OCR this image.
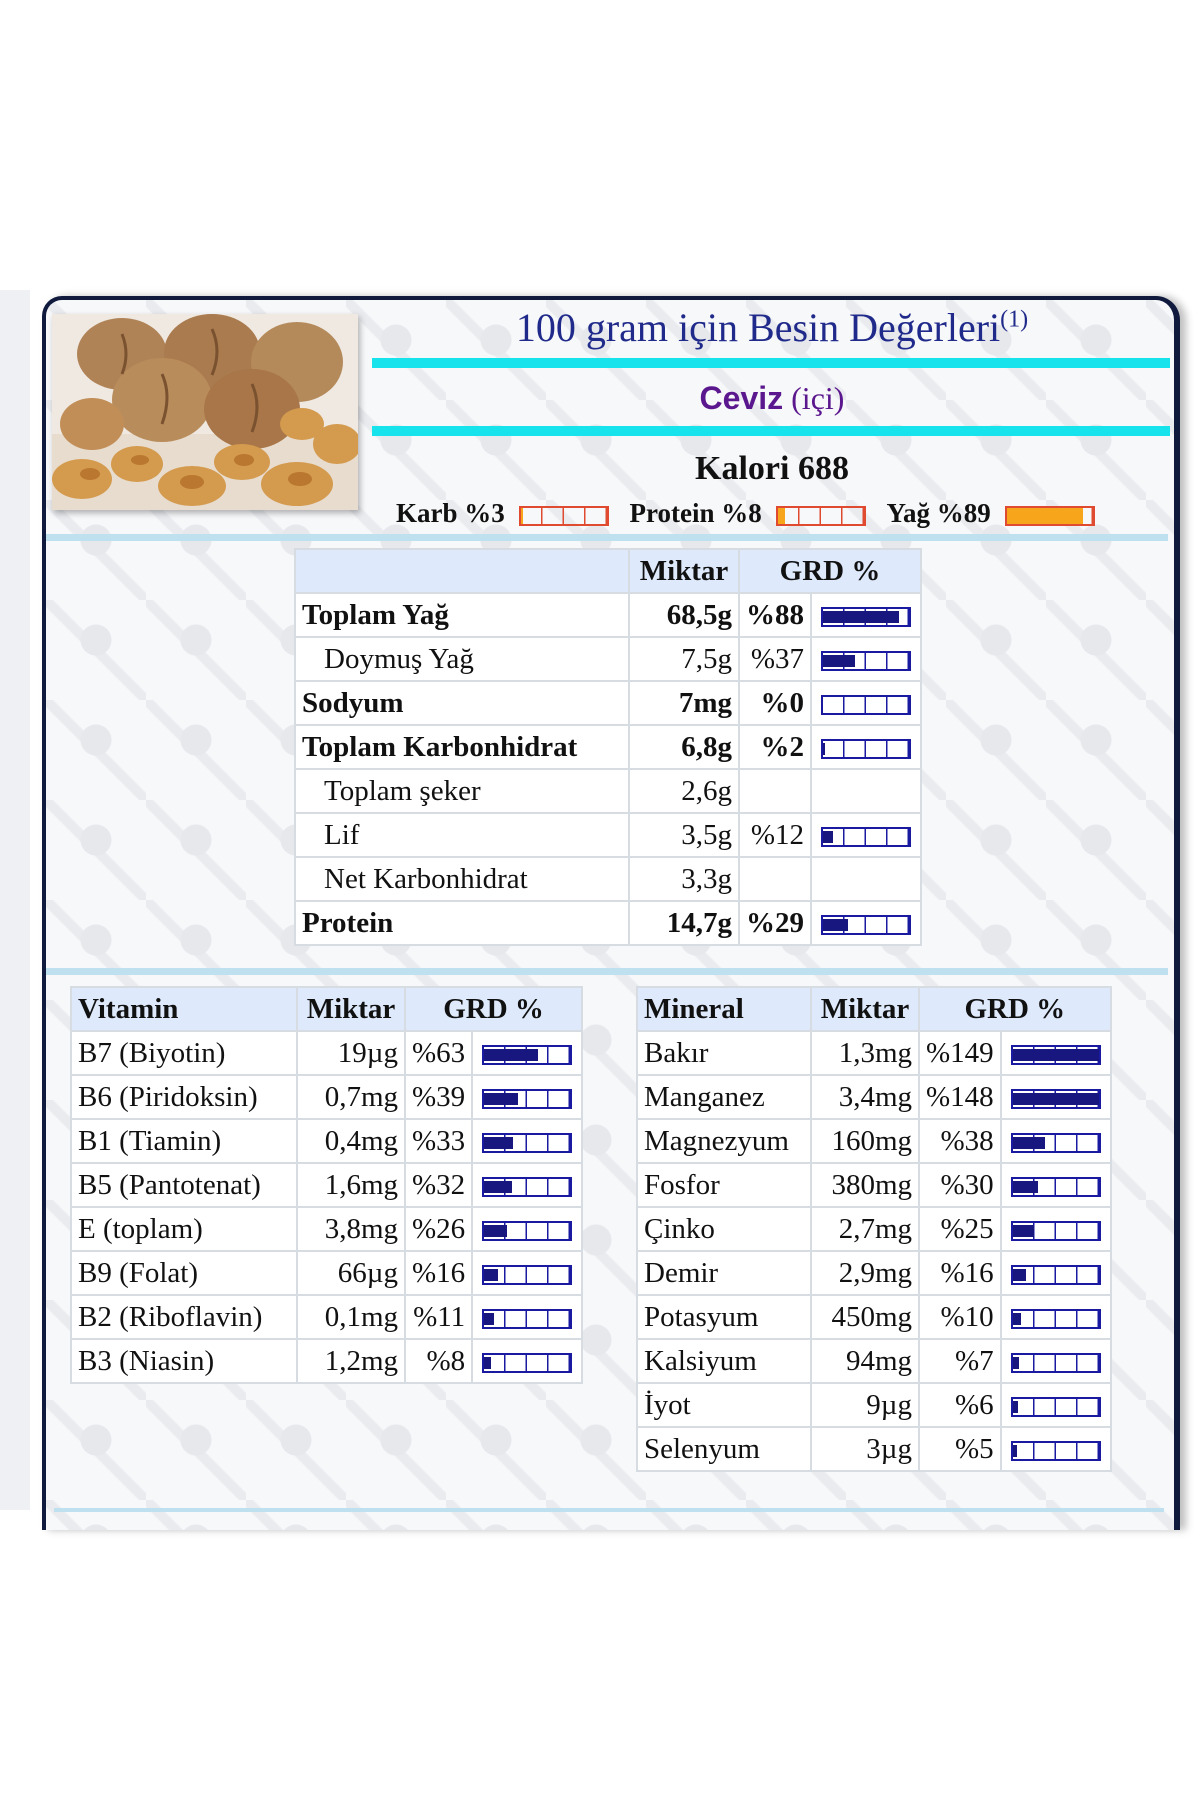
100 gram için Besin Değerleri$^{(1)}$
Ceviz (içi)
Kalori 688
Karb %3	Protein %8	Yağ %89
	Miktar	GRD %	
Toplam Yağ	68,5g	%88	

Doymuş Yağ	7,5g	%37	

Sodyum	7mg	%0	

Toplam Karbonhidrat	6,8g	%2	

Toplam şeker	2,6g		
Lif	3,5g	%12	

Net Karbonhidrat	3,3g		
Protein	14,7g	%29	
Vitamin	Miktar	GRD %	
B7 (Biyotin)	19µg	%63	

B6 (Piridoksin)	0,7mg	%39	

B1 (Tiamin)	0,4mg	%33	

B5 (Pantotenat)	1,6mg	%32	

E (toplam)	3,8mg	%26	

B9 (Folat)	66µg	%16	

B2 (Riboflavin)	0,1mg	%11	

B3 (Niasin)	1,2mg	%8	
Mineral	Miktar	GRD %	
Bakır	1,3mg	%149	

Manganez	3,4mg	%148	

Magnezyum	160mg	%38	

Fosfor	380mg	%30	

Çinko	2,7mg	%25	

Demir	2,9mg	%16	

Potasyum	450mg	%10	

Kalsiyum	94mg	%7	

İyot	9µg	%6	

Selenyum	3µg	%5	
